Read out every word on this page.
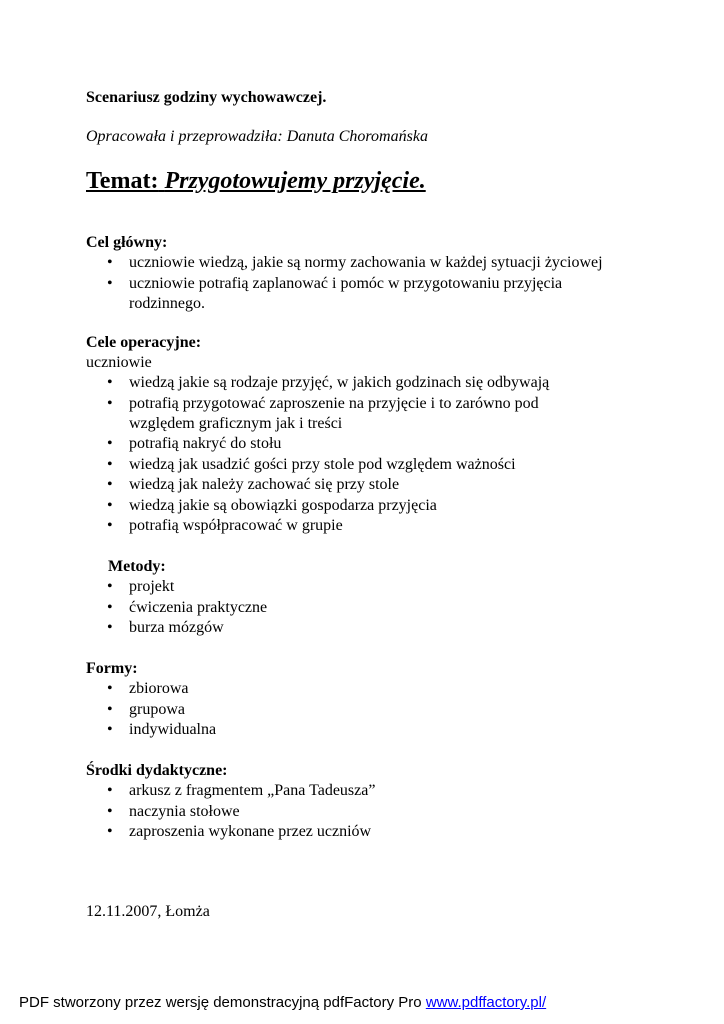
Scenariusz godziny wychowawczej.
Opracowała i przeprowadziła: Danuta Choromańska
Temat: Przygotowujemy przyjęcie.
Cel główny:
• uczniowie wiedzą, jakie są normy zachowania w każdej sytuacji życiowej
• uczniowie potrafią zaplanować i pomóc w przygotowaniu przyjęcia
rodzinnego.
Cele operacyjne:
uczniowie
• wiedzą jakie są rodzaje przyjęć, w jakich godzinach się odbywają
• potrafią przygotować zaproszenie na przyjęcie i to zarówno pod
względem graficznym jak i treści
• potrafią nakryć do stołu
• wiedzą jak usadzić gości przy stole pod względem ważności
• wiedzą jak należy zachować się przy stole
• wiedzą jakie są obowiązki gospodarza przyjęcia
• potrafią współpracować w grupie
Metody:
• projekt
• ćwiczenia praktyczne
• burza mózgów
Formy:
• zbiorowa
• grupowa
• indywidualna
Środki dydaktyczne:
• arkusz z fragmentem „Pana Tadeusza”
• naczynia stołowe
• zaproszenia wykonane przez uczniów
12.11.2007, Łomża
PDF stworzony przez wersję demonstracyjną pdfFactory Pro www.pdffactory.pl/
